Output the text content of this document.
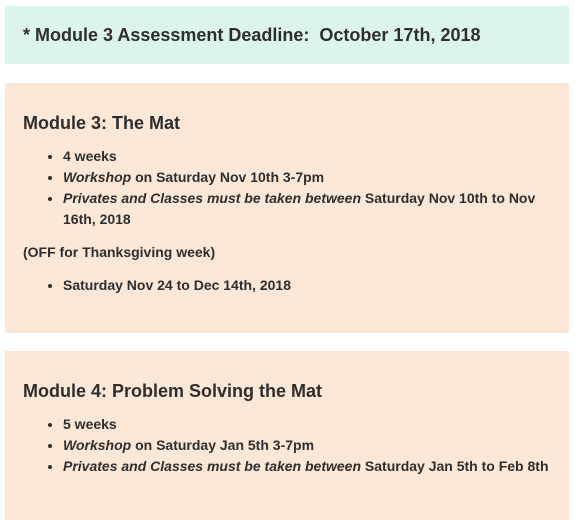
* Module 3 Assessment Deadline:  October 17th, 2018
Module 3: The Mat
• 4 weeks
• Workshop on Saturday Nov 10th 3-7pm
• Privates and Classes must be taken between Saturday Nov 10th to Nov 16th, 2018
(OFF for Thanksgiving week)
• Saturday Nov 24 to Dec 14th, 2018
Module 4: Problem Solving the Mat
• 5 weeks
• Workshop on Saturday Jan 5th 3-7pm
• Privates and Classes must be taken between Saturday Jan 5th to Feb 8th
